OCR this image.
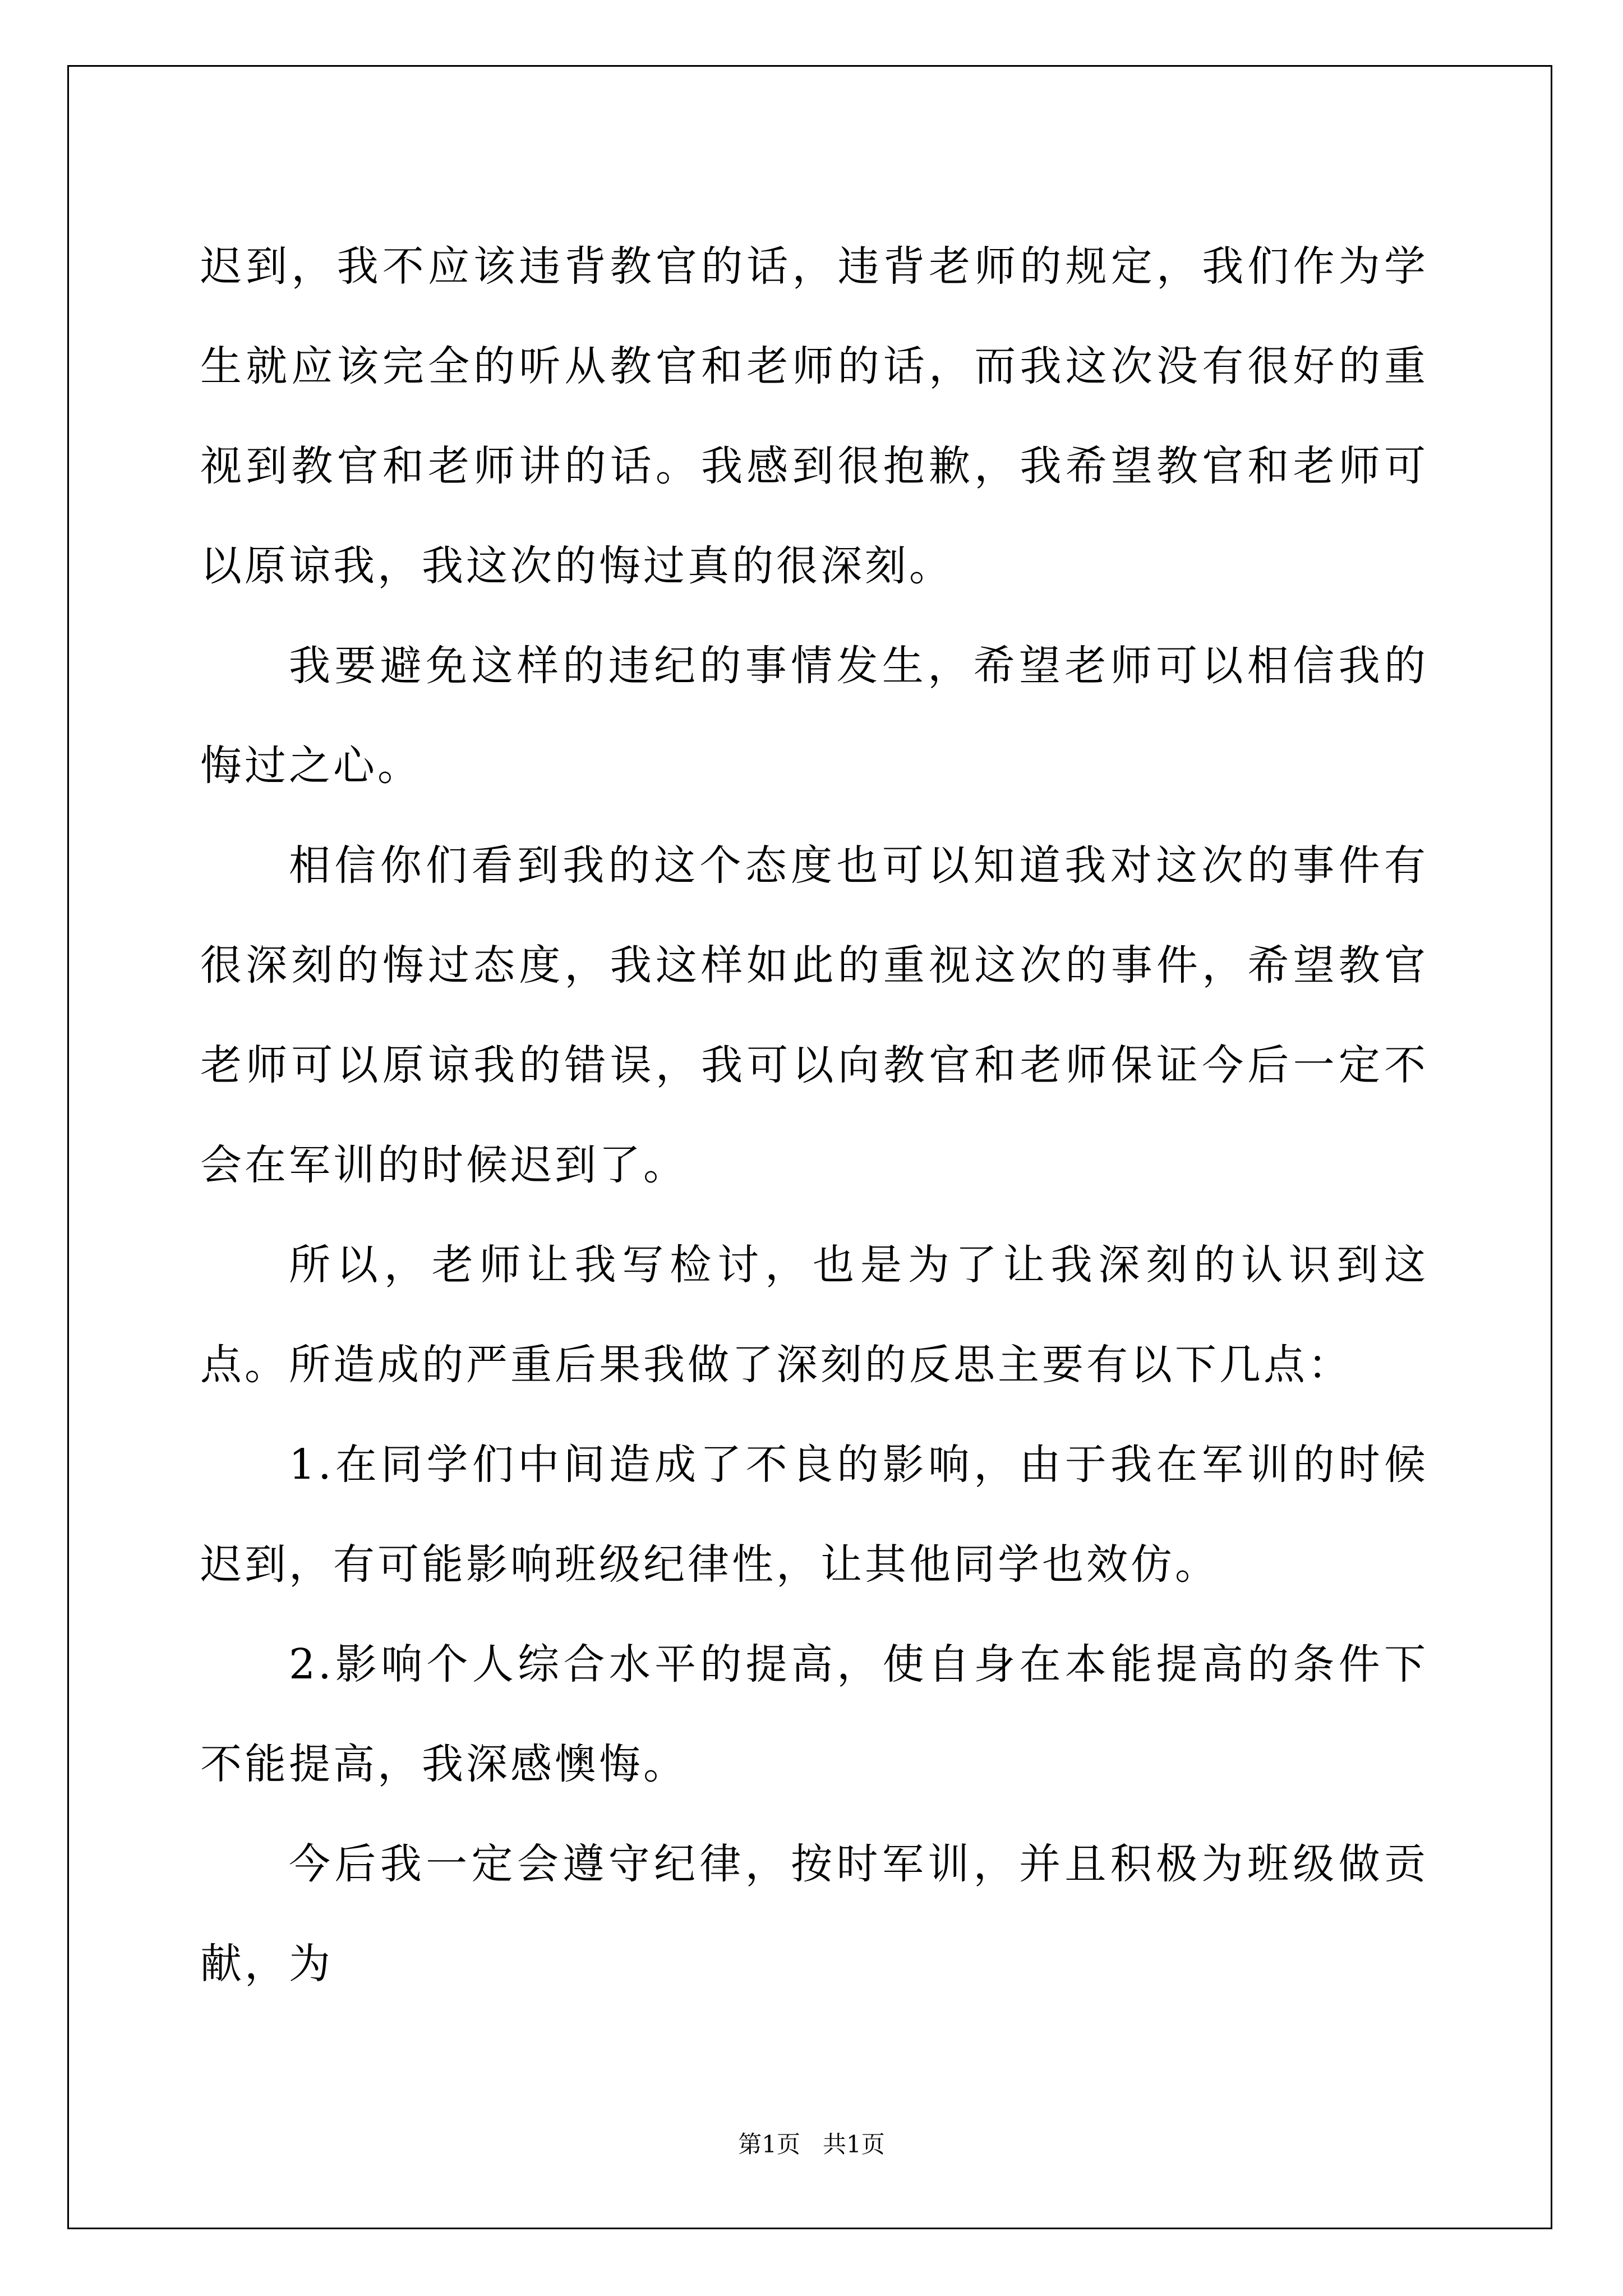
迟到，我不应该违背教官的话，违背老师的规定，我们作为学生就应该完全的听从教官和老师的话，而我这次没有很好的重视到教官和老师讲的话。我感到很抱歉，我希望教官和老师可以原谅我，我这次的悔过真的很深刻。

我要避免这样的违纪的事情发生，希望老师可以相信我的悔过之心。

相信你们看到我的这个态度也可以知道我对这次的事件有很深刻的悔过态度，我这样如此的重视这次的事件，希望教官老师可以原谅我的错误，我可以向教官和老师保证今后一定不会在军训的时候迟到了。

所以，老师让我写检讨，也是为了让我深刻的认识到这点。所造成的严重后果我做了深刻的反思主要有以下几点：

1.在同学们中间造成了不良的影响，由于我在军训的时候迟到，有可能影响班级纪律性，让其他同学也效仿。

2.影响个人综合水平的提高，使自身在本能提高的条件下不能提高，我深感懊悔。

今后我一定会遵守纪律，按时军训，并且积极为班级做贡献，为

第1页 共1页
